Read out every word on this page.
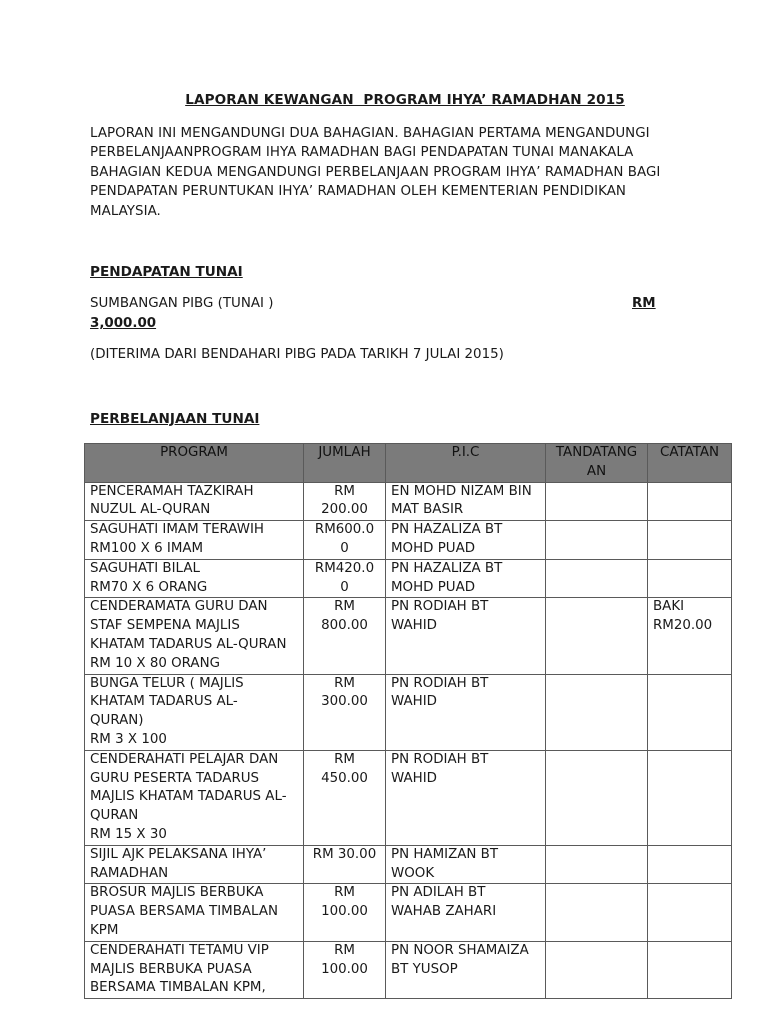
LAPORAN KEWANGAN  PROGRAM IHYA’ RAMADHAN 2015
LAPORAN INI MENGANDUNGI DUA BAHAGIAN. BAHAGIAN PERTAMA MENGANDUNGI
PERBELANJAANPROGRAM IHYA RAMADHAN BAGI PENDAPATAN TUNAI MANAKALA
BAHAGIAN KEDUA MENGANDUNGI PERBELANJAAN PROGRAM IHYA’ RAMADHAN BAGI
PENDAPATAN PERUNTUKAN IHYA’ RAMADHAN OLEH KEMENTERIAN PENDIDIKAN
MALAYSIA.
PENDAPATAN TUNAI
SUMBANGAN PIBG (TUNAI )	RM
3,000.00
(DITERIMA DARI BENDAHARI PIBG PADA TARIKH 7 JULAI 2015)
PERBELANJAAN TUNAI
PROGRAM	JUMLAH	P.I.C	TANDATANG
AN	CATATAN
PENCERAMAH TAZKIRAH
NUZUL AL-QURAN	RM
200.00	EN MOHD NIZAM BIN
MAT BASIR		
SAGUHATI IMAM TERAWIH
RM100 X 6 IMAM	RM600.0
0	PN HAZALIZA BT
MOHD PUAD		
SAGUHATI BILAL
RM70 X 6 ORANG	RM420.0
0	PN HAZALIZA BT
MOHD PUAD		
CENDERAMATA GURU DAN
STAF SEMPENA MAJLIS
KHATAM TADARUS AL-QURAN
RM 10 X 80 ORANG	RM
800.00	PN RODIAH BT
WAHID		BAKI
RM20.00
BUNGA TELUR ( MAJLIS
KHATAM TADARUS AL-
QURAN)
RM 3 X 100	RM
300.00	PN RODIAH BT
WAHID		
CENDERAHATI PELAJAR DAN
GURU PESERTA TADARUS
MAJLIS KHATAM TADARUS AL-
QURAN
RM 15 X 30	RM
450.00	PN RODIAH BT
WAHID		
SIJIL AJK PELAKSANA IHYA’
RAMADHAN	RM 30.00	PN HAMIZAN BT
WOOK		
BROSUR MAJLIS BERBUKA
PUASA BERSAMA TIMBALAN
KPM	RM
100.00	PN ADILAH BT
WAHAB ZAHARI		
CENDERAHATI TETAMU VIP
MAJLIS BERBUKA PUASA
BERSAMA TIMBALAN KPM,	RM
100.00	PN NOOR SHAMAIZA
BT YUSOP		
